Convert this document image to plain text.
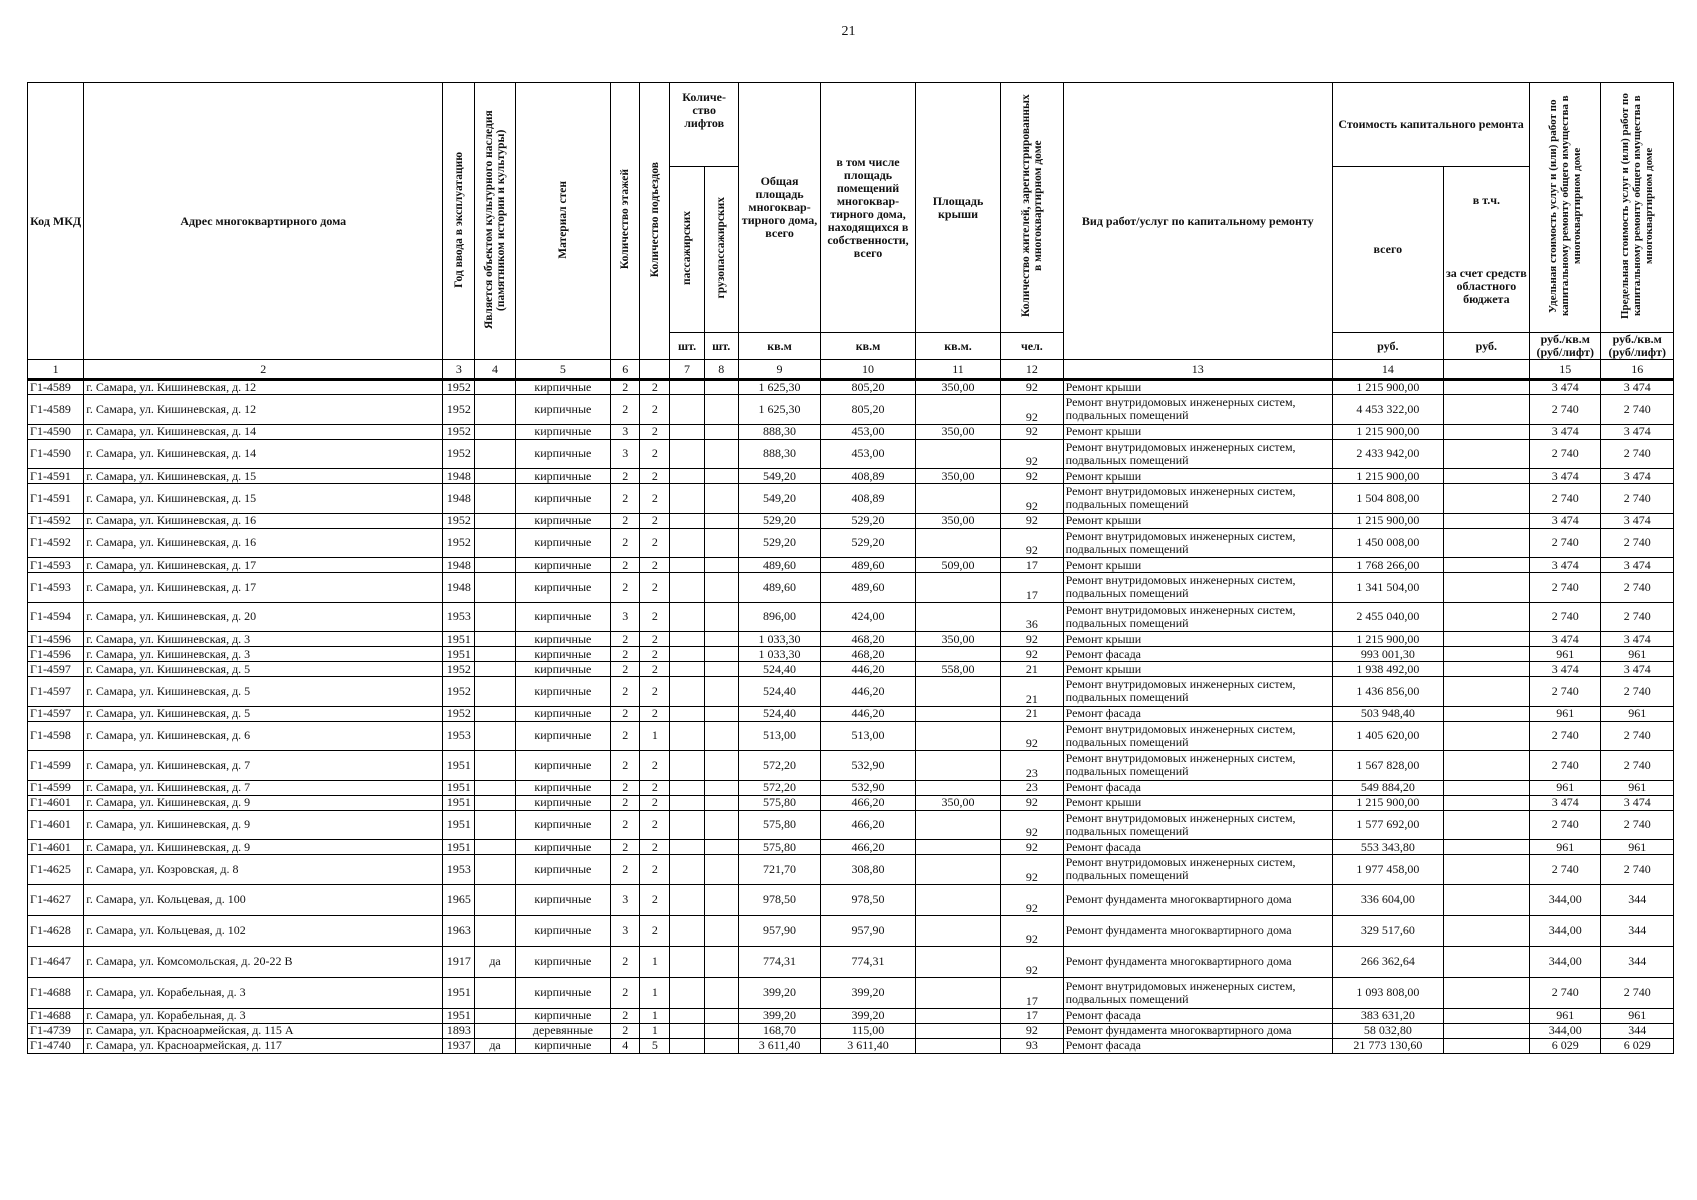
21
Код МКД	Адрес многоквартирного дома	Год ввода в эксплуатацию	Является объектом культурного наследия (памятником истории и культуры)	Материал стен	Количество этажей	Количество подъездов	Количе-ство лифтов		Общая площадь многоквар-тирного дома, всего	в том числе площадь помещений многоквар-тирного дома, находящихся в собственности, всего	Площадь крыши	Количество жителей, зарегистрированных в многоквартирном доме	Вид работ/услуг по капитальному ремонту	Стоимость капитального ремонта		Удельная стоимость услуг и (или) работ по капитальному ремонту общего имущества в многоквартирном доме	Предельная стоимость услуг и (или) работ по капитальному ремонту общего имущества в многоквартирном доме
							пассажирских	грузопассажирских						всего	в т.ч.
за счет средств областного бюджета		

							шт.	шт.	кв.м	кв.м	кв.м.	чел.		руб.	руб.	руб./кв.м (руб/лифт)	руб./кв.м (руб/лифт)
1	2	3	4	5	6		7	8	9	10	11	12	13	14		15	16
Г1-4589	г. Самара, ул. Кишиневская, д. 12	1952		кирпичные	2	2			1 625,30	805,20	350,00	92	Ремонт крыши	1 215 900,00		3 474	3 474
Г1-4589	г. Самара, ул. Кишиневская, д. 12	1952		кирпичные	2	2			1 625,30	805,20		92	Ремонт внутридомовых инженерных систем, подвальных помещений	4 453 322,00		2 740	2 740
Г1-4590	г. Самара, ул. Кишиневская, д. 14	1952		кирпичные	3	2			888,30	453,00	350,00	92	Ремонт крыши	1 215 900,00		3 474	3 474
Г1-4590	г. Самара, ул. Кишиневская, д. 14	1952		кирпичные	3	2			888,30	453,00		92	Ремонт внутридомовых инженерных систем, подвальных помещений	2 433 942,00		2 740	2 740
Г1-4591	г. Самара, ул. Кишиневская, д. 15	1948		кирпичные	2	2			549,20	408,89	350,00	92	Ремонт крыши	1 215 900,00		3 474	3 474
Г1-4591	г. Самара, ул. Кишиневская, д. 15	1948		кирпичные	2	2			549,20	408,89		92	Ремонт внутридомовых инженерных систем, подвальных помещений	1 504 808,00		2 740	2 740
Г1-4592	г. Самара, ул. Кишиневская, д. 16	1952		кирпичные	2	2			529,20	529,20	350,00	92	Ремонт крыши	1 215 900,00		3 474	3 474
Г1-4592	г. Самара, ул. Кишиневская, д. 16	1952		кирпичные	2	2			529,20	529,20		92	Ремонт внутридомовых инженерных систем, подвальных помещений	1 450 008,00		2 740	2 740
Г1-4593	г. Самара, ул. Кишиневская, д. 17	1948		кирпичные	2	2			489,60	489,60	509,00	17	Ремонт крыши	1 768 266,00		3 474	3 474
Г1-4593	г. Самара, ул. Кишиневская, д. 17	1948		кирпичные	2	2			489,60	489,60		17	Ремонт внутридомовых инженерных систем, подвальных помещений	1 341 504,00		2 740	2 740
Г1-4594	г. Самара, ул. Кишиневская, д. 20	1953		кирпичные	3	2			896,00	424,00		36	Ремонт внутридомовых инженерных систем, подвальных помещений	2 455 040,00		2 740	2 740
Г1-4596	г. Самара, ул. Кишиневская, д. 3	1951		кирпичные	2	2			1 033,30	468,20	350,00	92	Ремонт крыши	1 215 900,00		3 474	3 474
Г1-4596	г. Самара, ул. Кишиневская, д. 3	1951		кирпичные	2	2			1 033,30	468,20		92	Ремонт фасада	993 001,30		961	961
Г1-4597	г. Самара, ул. Кишиневская, д. 5	1952		кирпичные	2	2			524,40	446,20	558,00	21	Ремонт крыши	1 938 492,00		3 474	3 474
Г1-4597	г. Самара, ул. Кишиневская, д. 5	1952		кирпичные	2	2			524,40	446,20		21	Ремонт внутридомовых инженерных систем, подвальных помещений	1 436 856,00		2 740	2 740
Г1-4597	г. Самара, ул. Кишиневская, д. 5	1952		кирпичные	2	2			524,40	446,20		21	Ремонт фасада	503 948,40		961	961
Г1-4598	г. Самара, ул. Кишиневская, д. 6	1953		кирпичные	2	1			513,00	513,00		92	Ремонт внутридомовых инженерных систем, подвальных помещений	1 405 620,00		2 740	2 740
Г1-4599	г. Самара, ул. Кишиневская, д. 7	1951		кирпичные	2	2			572,20	532,90		23	Ремонт внутридомовых инженерных систем, подвальных помещений	1 567 828,00		2 740	2 740
Г1-4599	г. Самара, ул. Кишиневская, д. 7	1951		кирпичные	2	2			572,20	532,90		23	Ремонт фасада	549 884,20		961	961
Г1-4601	г. Самара, ул. Кишиневская, д. 9	1951		кирпичные	2	2			575,80	466,20	350,00	92	Ремонт крыши	1 215 900,00		3 474	3 474
Г1-4601	г. Самара, ул. Кишиневская, д. 9	1951		кирпичные	2	2			575,80	466,20		92	Ремонт внутридомовых инженерных систем, подвальных помещений	1 577 692,00		2 740	2 740
Г1-4601	г. Самара, ул. Кишиневская, д. 9	1951		кирпичные	2	2			575,80	466,20		92	Ремонт фасада	553 343,80		961	961
Г1-4625	г. Самара, ул. Козровская, д. 8	1953		кирпичные	2	2			721,70	308,80		92	Ремонт внутридомовых инженерных систем, подвальных помещений	1 977 458,00		2 740	2 740
Г1-4627	г. Самара, ул. Кольцевая, д. 100	1965		кирпичные	3	2			978,50	978,50		92	Ремонт фундамента многоквартирного дома	336 604,00		344,00	344
Г1-4628	г. Самара, ул. Кольцевая, д. 102	1963		кирпичные	3	2			957,90	957,90		92	Ремонт фундамента многоквартирного дома	329 517,60		344,00	344
Г1-4647	г. Самара, ул. Комсомольская, д. 20-22 В	1917	да	кирпичные	2	1			774,31	774,31		92	Ремонт фундамента многоквартирного дома	266 362,64		344,00	344
Г1-4688	г. Самара, ул. Корабельная, д. 3	1951		кирпичные	2	1			399,20	399,20		17	Ремонт внутридомовых инженерных систем, подвальных помещений	1 093 808,00		2 740	2 740
Г1-4688	г. Самара, ул. Корабельная, д. 3	1951		кирпичные	2	1			399,20	399,20		17	Ремонт фасада	383 631,20		961	961
Г1-4739	г. Самара, ул. Красноармейская, д. 115 А	1893		деревянные	2	1			168,70	115,00		92	Ремонт фундамента многоквартирного дома	58 032,80		344,00	344
Г1-4740	г. Самара, ул. Красноармейская, д. 117	1937	да	кирпичные	4	5			3 611,40	3 611,40		93	Ремонт фасада	21 773 130,60		6 029	6 029
